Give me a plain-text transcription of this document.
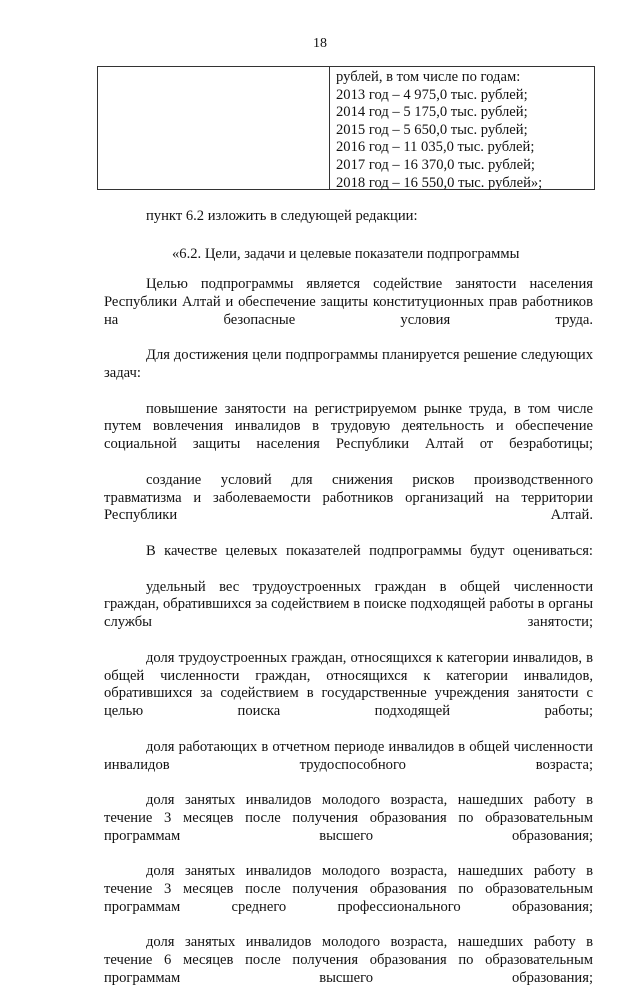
18
рублей, в том числе по годам:
2013 год – 4 975,0 тыс. рублей;
2014 год – 5 175,0 тыс. рублей;
2015 год – 5 650,0 тыс. рублей;
2016 год – 11 035,0 тыс. рублей;
2017 год – 16 370,0 тыс. рублей;
2018 год – 16 550,0 тыс. рублей»;
пункт 6.2 изложить в следующей редакции:
«6.2. Цели, задачи и целевые показатели подпрограммы

Целью подпрограммы является содействие занятости населения Республики Алтай и обеспечение защиты конституционных прав работников на безопасные условия труда.

Для достижения цели подпрограммы планируется решение следующих задач:

повышение занятости на регистрируемом рынке труда, в том числе путем вовлечения инвалидов в трудовую деятельность и обеспечение социальной защиты населения Республики Алтай от безработицы;

создание условий для снижения рисков производственного травматизма и заболеваемости работников организаций на территории Республики Алтай.

В качестве целевых показателей подпрограммы будут оцениваться:

удельный вес трудоустроенных граждан в общей численности граждан, обратившихся за содействием в поиске подходящей работы в органы службы занятости;

доля трудоустроенных граждан, относящихся к категории инвалидов, в общей численности граждан, относящихся к категории инвалидов, обратившихся за содействием в государственные учреждения занятости с целью поиска подходящей работы;

доля работающих в отчетном периоде инвалидов в общей численности инвалидов трудоспособного возраста;

доля занятых инвалидов молодого возраста, нашедших работу в течение 3 месяцев после получения образования по образовательным программам высшего образования;

доля занятых инвалидов молодого возраста, нашедших работу в течение 3 месяцев после получения образования по образовательным программам среднего профессионального образования;

доля занятых инвалидов молодого возраста, нашедших работу в течение 6 месяцев после получения образования по образовательным программам высшего образования;
